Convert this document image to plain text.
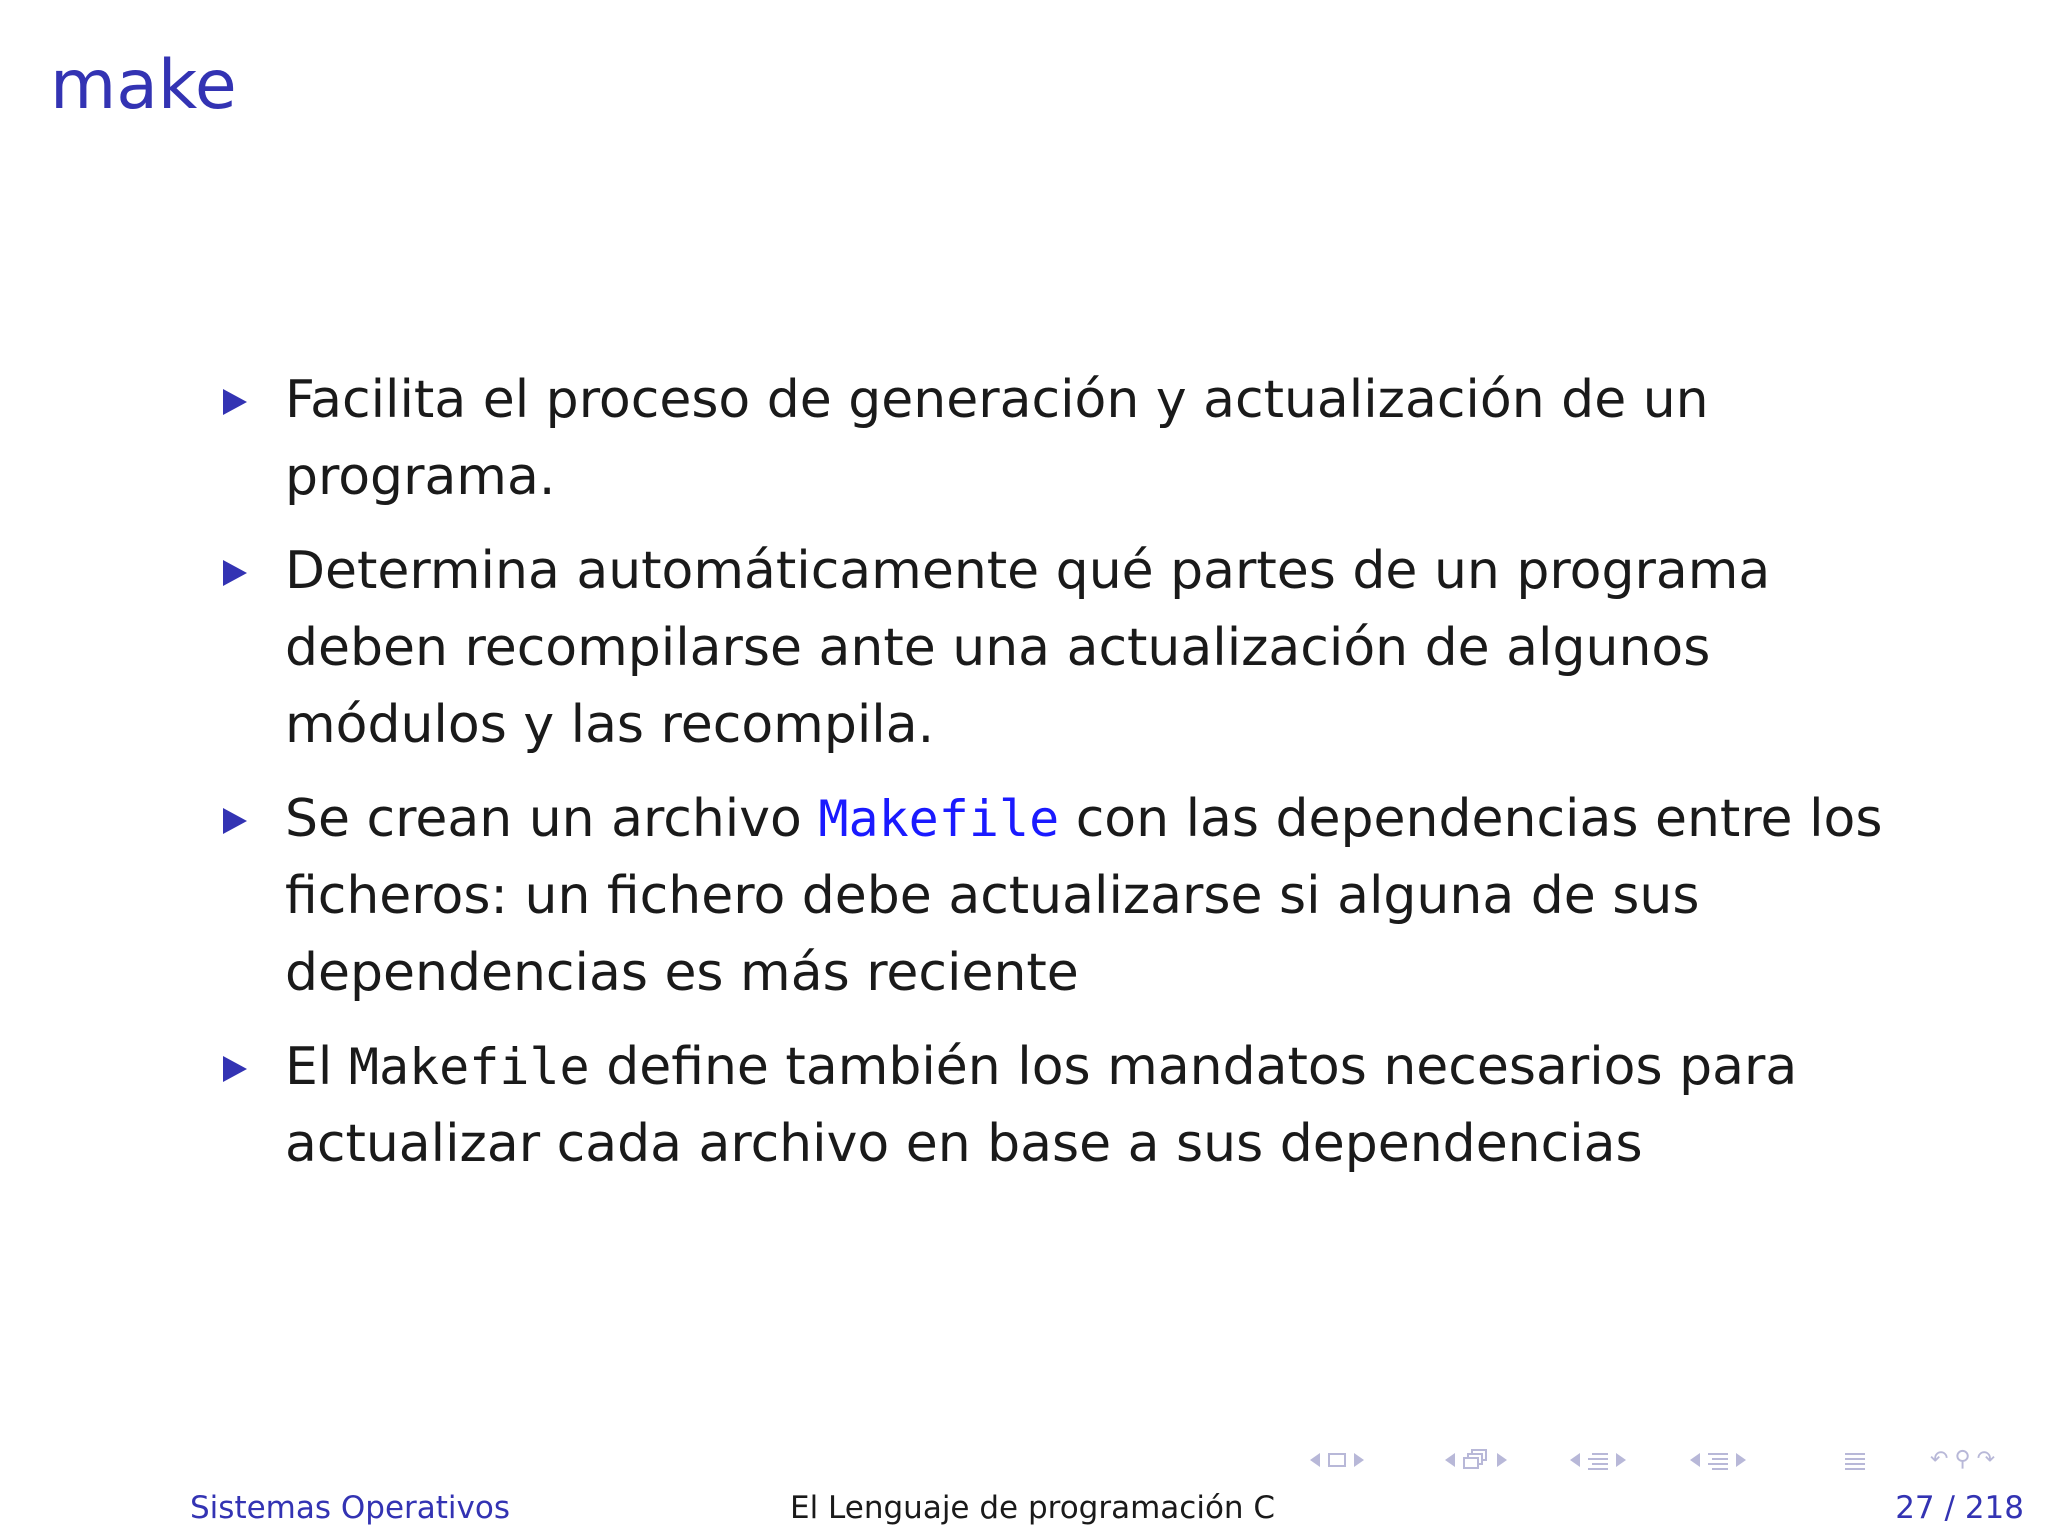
make
Facilita el proceso de generación y actualización de un programa.
Determina automáticamente qué partes de un programa deben recompilarse ante una actualización de algunos módulos y las recompila.
Se crean un archivo Makefile con las dependencias entre los ficheros: un fichero debe actualizarse si alguna de sus dependencias es más reciente
El Makefile define también los mandatos necesarios para actualizar cada archivo en base a sus dependencias
↶ ⚲ ↷
Sistemas Operativos	El Lenguaje de programación C	27 / 218
